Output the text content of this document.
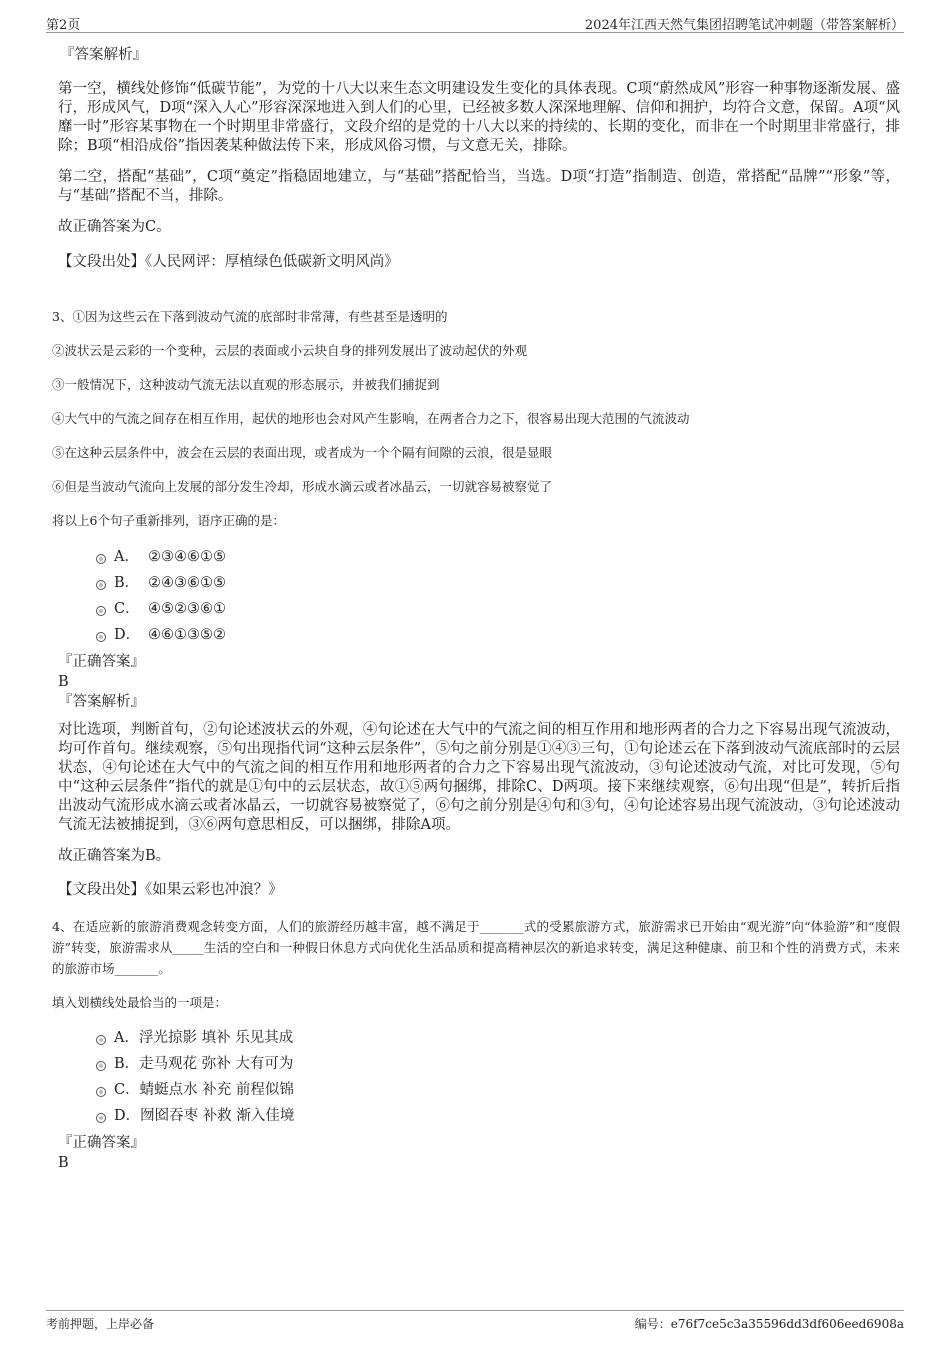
第2页	2024年江西天然气集团招聘笔试冲刺题（带答案解析）

『答案解析』

第一空，横线处修饰“低碳节能”，为党的十八大以来生态文明建设发生变化的具体表现。C项“蔚然成风”形容一种事物逐渐发展、盛行，形成风气，D项“深入人心”形容深深地进入到人们的心里，已经被多数人深深地理解、信仰和拥护，均符合文意，保留。A项“风靡一时”形容某事物在一个时期里非常盛行，文段介绍的是党的十八大以来的持续的、长期的变化，而非在一个时期里非常盛行，排除；B项“相沿成俗”指因袭某种做法传下来，形成风俗习惯，与文意无关，排除。

第二空，搭配“基础”，C项“奠定”指稳固地建立，与“基础”搭配恰当，当选。D项“打造”指制造、创造，常搭配“品牌”“形象”等，与“基础”搭配不当，排除。

故正确答案为C。

【文段出处】《人民网评：厚植绿色低碳新文明风尚》

3、①因为这些云在下落到波动气流的底部时非常薄，有些甚至是透明的

②波状云是云彩的一个变种，云层的表面或小云块自身的排列发展出了波动起伏的外观

③一般情况下，这种波动气流无法以直观的形态展示，并被我们捕捉到

④大气中的气流之间存在相互作用，起伏的地形也会对风产生影响，在两者合力之下，很容易出现大范围的气流波动

⑤在这种云层条件中，波会在云层的表面出现，或者成为一个个隔有间隙的云浪，很是显眼

⑥但是当波动气流向上发展的部分发生冷却，形成水滴云或者冰晶云，一切就容易被察觉了

将以上6个句子重新排列，语序正确的是：

A． ②③④⑥①⑤
B． ②④③⑥①⑤
C． ④⑤②③⑥①
D． ④⑥①③⑤②

『正确答案』

B

『答案解析』

对比选项，判断首句，②句论述波状云的外观，④句论述在大气中的气流之间的相互作用和地形两者的合力之下容易出现气流波动，均可作首句。继续观察，⑤句出现指代词“这种云层条件”，⑤句之前分别是①④③三句，①句论述云在下落到波动气流底部时的云层状态，④句论述在大气中的气流之间的相互作用和地形两者的合力之下容易出现气流波动，③句论述波动气流，对比可发现，⑤句中“这种云层条件”指代的就是①句中的云层状态，故①⑤两句捆绑，排除C、D两项。接下来继续观察，⑥句出现“但是”，转折后指出波动气流形成水滴云或者冰晶云，一切就容易被察觉了，⑥句之前分别是④句和③句，④句论述容易出现气流波动，③句论述波动气流无法被捕捉到，③⑥两句意思相反，可以捆绑，排除A项。

故正确答案为B。

【文段出处】《如果云彩也冲浪？》

4、在适应新的旅游消费观念转变方面，人们的旅游经历越丰富，越不满足于_______式的受累旅游方式，旅游需求已开始由“观光游”向“体验游”和“度假游”转变，旅游需求从_____生活的空白和一种假日休息方式向优化生活品质和提高精神层次的新追求转变，满足这种健康、前卫和个性的消费方式，未来的旅游市场_______。

填入划横线处最恰当的一项是：

A．浮光掠影 填补 乐见其成
B．走马观花 弥补 大有可为
C．蜻蜓点水 补充 前程似锦
D．囫囵吞枣 补救 渐入佳境

『正确答案』

B

考前押题，上岸必备	编号：e76f7ce5c3a35596dd3df606eed6908a
